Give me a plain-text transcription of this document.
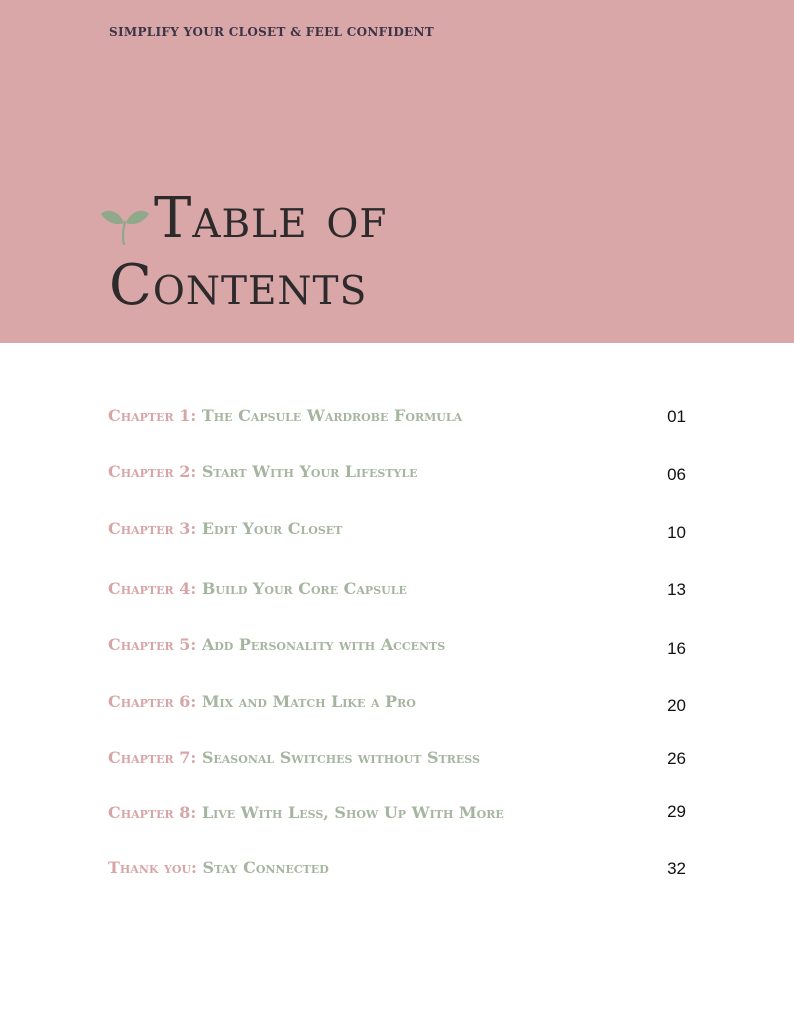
SIMPLIFY YOUR CLOSET & FEEL CONFIDENT
Table of
Contents
Chapter 1: The Capsule Wardrobe Formula	01
Chapter 2: Start With Your Lifestyle	06
Chapter 3: Edit Your Closet	10
Chapter 4: Build Your Core Capsule	13
Chapter 5: Add Personality with Accents	16
Chapter 6: Mix and Match Like a Pro	20
Chapter 7: Seasonal Switches without Stress	26
Chapter 8: Live With Less, Show Up With More	29
Thank you: Stay Connected	32
